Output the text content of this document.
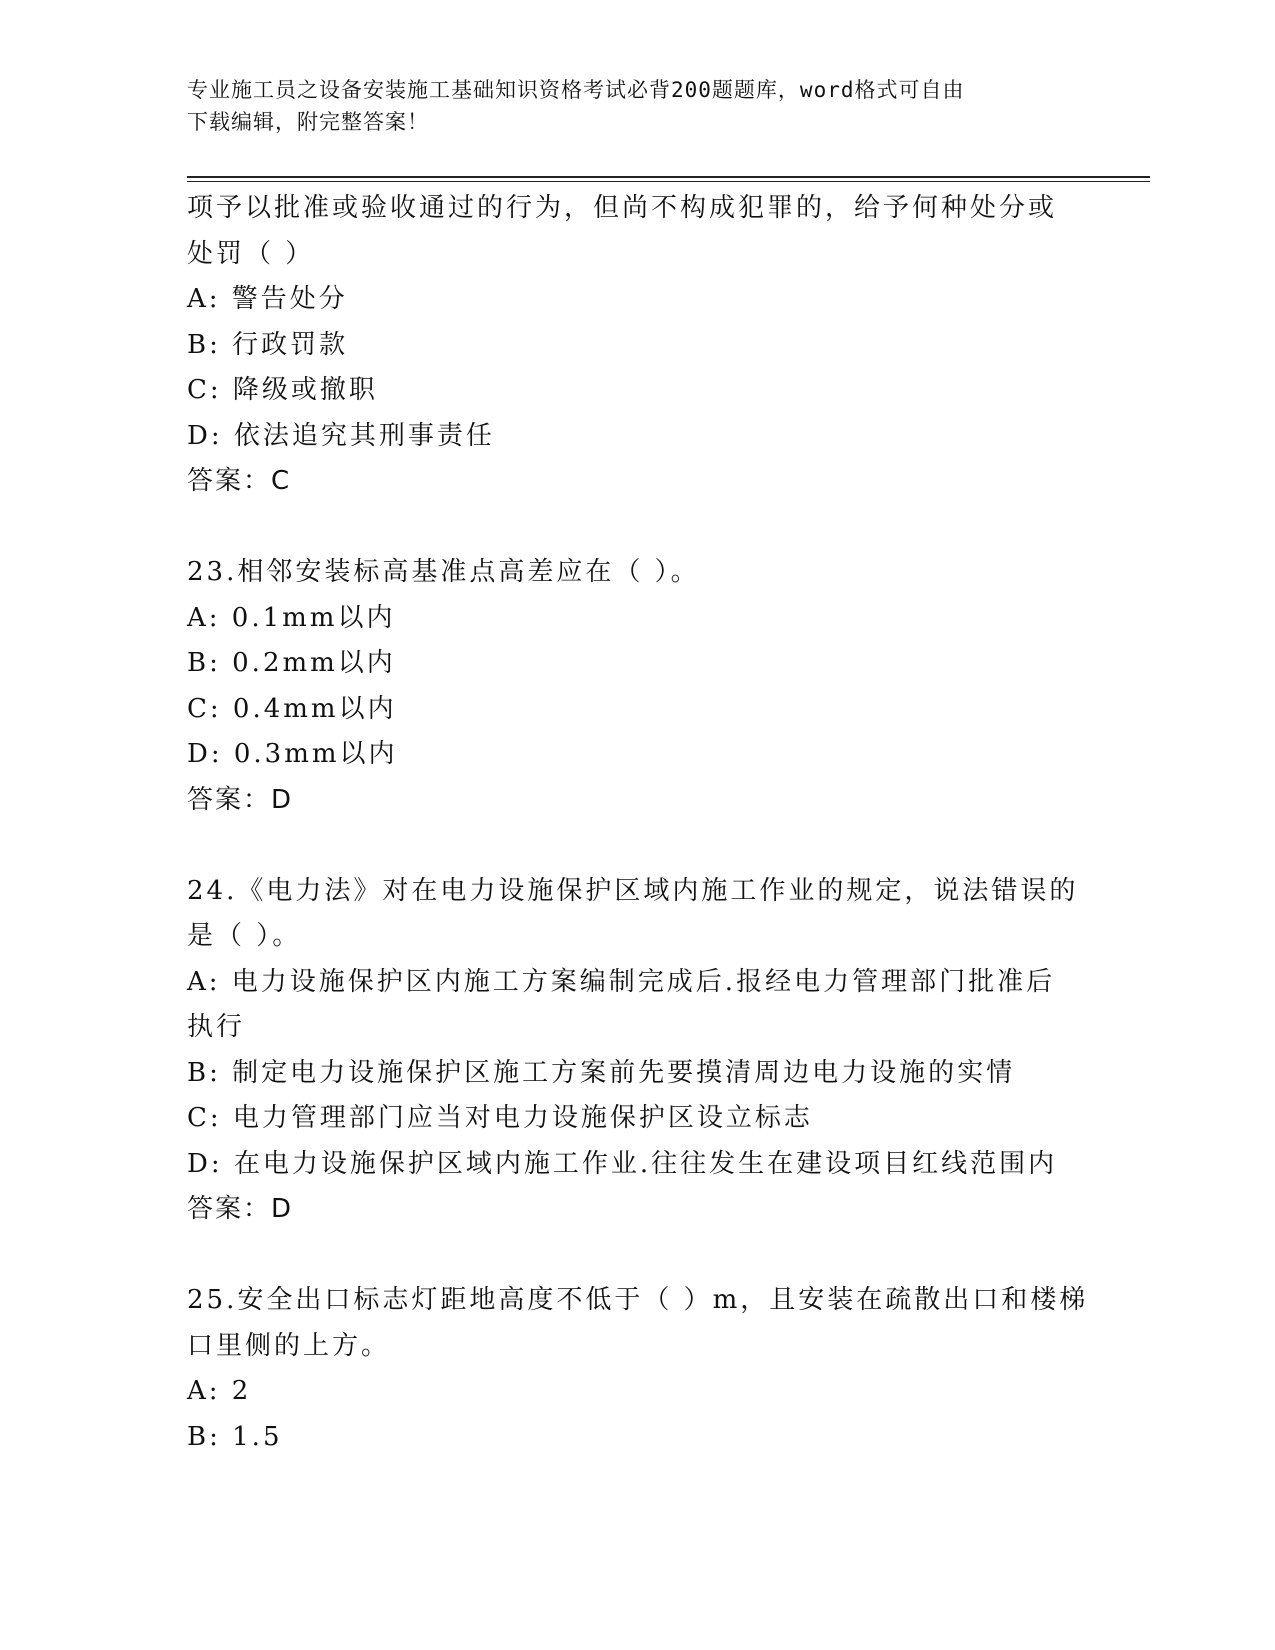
专业施工员之设备安装施工基础知识资格考试必背200题题库，word格式可自由
下载编辑，附完整答案！
项予以批准或验收通过的行为，但尚不构成犯罪的，给予何种处分或
处罚（ ）
A: 警告处分
B: 行政罚款
C: 降级或撤职
D: 依法追究其刑事责任
答案：C
23.相邻安装标高基准点高差应在（ ）。
A: 0.1mm以内
B: 0.2mm以内
C: 0.4mm以内
D: 0.3mm以内
答案：D
24.《电力法》对在电力设施保护区域内施工作业的规定，说法错误的
是（ ）。
A: 电力设施保护区内施工方案编制完成后.报经电力管理部门批准后
执行
B: 制定电力设施保护区施工方案前先要摸清周边电力设施的实情
C: 电力管理部门应当对电力设施保护区设立标志
D: 在电力设施保护区域内施工作业.往往发生在建设项目红线范围内
答案：D
25.安全出口标志灯距地高度不低于（ ）m，且安装在疏散出口和楼梯
口里侧的上方。
A: 2
B: 1.5
